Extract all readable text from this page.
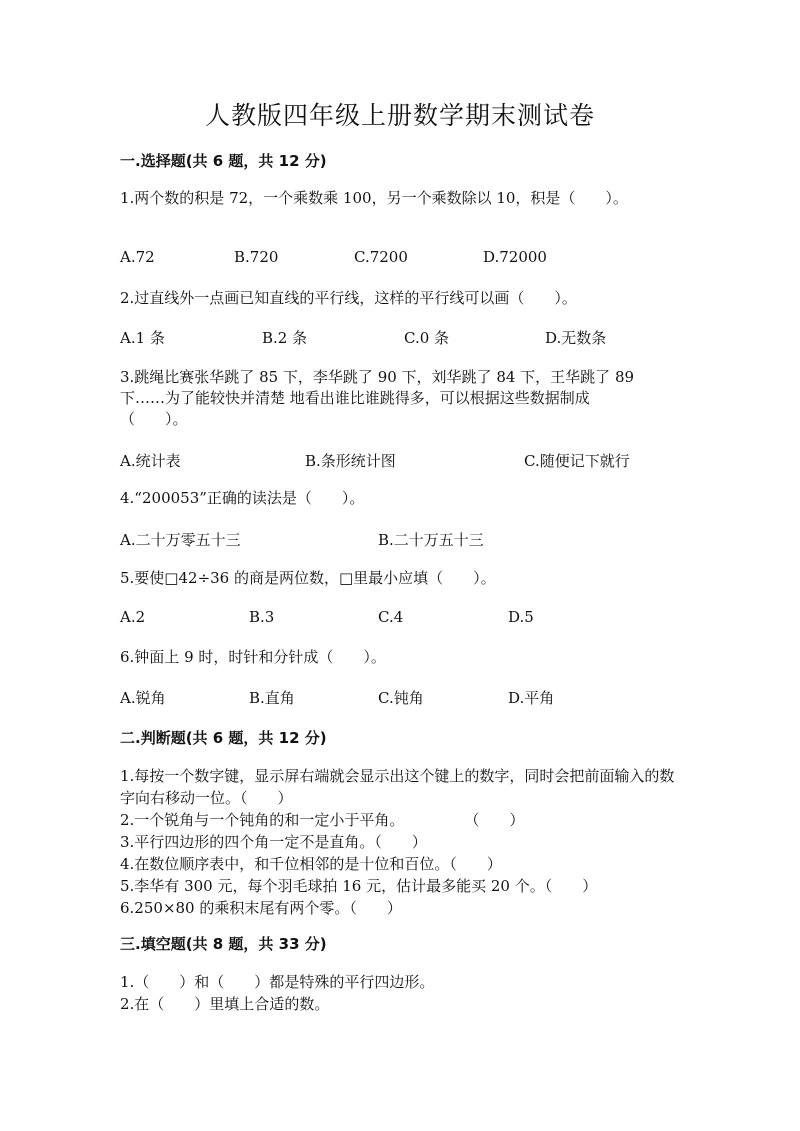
人教版四年级上册数学期末测试卷
一.选择题(共 6 题，共 12 分)
1.两个数的积是 72，一个乘数乘 100，另一个乘数除以 10，积是（　　）。
A.72	B.720	C.7200	D.72000
2.过直线外一点画已知直线的平行线，这样的平行线可以画（　　）。
A.1 条	B.2 条	C.0 条	D.无数条
3.跳绳比赛张华跳了 85 下，李华跳了 90 下，刘华跳了 84 下，王华跳了 89
下……为了能较快并清楚 地看出谁比谁跳得多，可以根据这些数据制成
（　　）。
A.统计表	B.条形统计图	C.随便记下就行
4.“200053”正确的读法是（　　）。
A.二十万零五十三	B.二十万五十三
5.要使□42÷36 的商是两位数，□里最小应填（　　）。
A.2	B.3	C.4	D.5
6.钟面上 9 时，时针和分针成（　　）。
A.锐角	B.直角	C.钝角	D.平角
二.判断题(共 6 题，共 12 分)
1.每按一个数字键，显示屏右端就会显示出这个键上的数字，同时会把前面输入的数字向右移动一位。（　　）
2.一个锐角与一个钝角的和一定小于平角。　　　　　（　　）
3.平行四边形的四个角一定不是直角。（　　）
4.在数位顺序表中，和千位相邻的是十位和百位。（　　）
5.李华有 300 元，每个羽毛球拍 16 元，估计最多能买 20 个。（　　）
6.250×80 的乘积末尾有两个零。（　　）
三.填空题(共 8 题，共 33 分)
1.（　　）和（　　）都是特殊的平行四边形。
2.在（　　）里填上合适的数。
